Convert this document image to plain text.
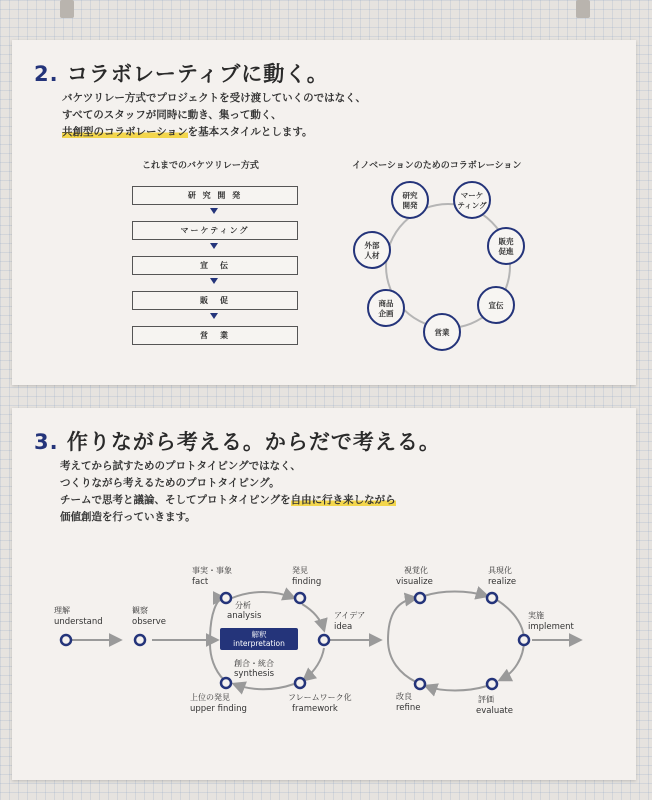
2. コラボレーティブに動く。
バケツリレー方式でプロジェクトを受け渡していくのではなく、
すべてのスタッフが同時に動き、集って動く、
共創型のコラボレーションを基本スタイルとします。
これまでのバケツリレー方式	イノベーションのためのコラボレーション
研 究 開 発
マーケティング
宣　伝
販　促
営　業
研究
開発
マーケ
ティング
販売
促進
宣伝
営業
商品
企画
外部
人材
3. 作りながら考える。からだで考える。
考えてから試すためのプロトタイピングではなく、
つくりながら考えるためのプロトタイピング。
チームで思考と議論、そしてプロトタイピングを自由に行き来しながら
価値創造を行っていきます。
解釈
interpretation
理解
understand
観察
observe
事実・事象
fact
発見
finding
分析
analysis
創合・統合
synthesis
上位の発見
upper finding
フレームワーク化
framework
アイデア
idea
視覚化
visualize
具現化
realize
実施
implement
改良
refine
評価
evaluate
